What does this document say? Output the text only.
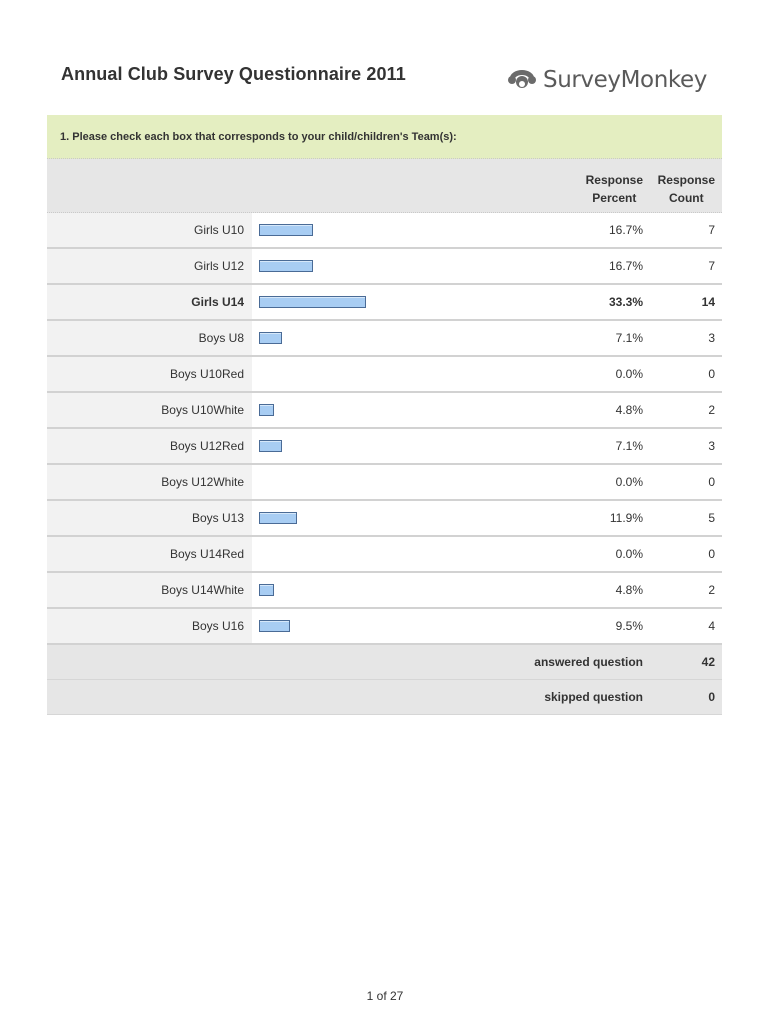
Annual Club Survey Questionnaire 2011	SurveyMonkey
1. Please check each box that corresponds to your child/children's Team(s):
Response
Percent
Response
Count
Girls U10	16.7%	7
Girls U12	16.7%	7
Girls U14	33.3%	14
Boys U8	7.1%	3
Boys U10Red	0.0%	0
Boys U10White	4.8%	2
Boys U12Red	7.1%	3
Boys U12White	0.0%	0
Boys U13	11.9%	5
Boys U14Red	0.0%	0
Boys U14White	4.8%	2
Boys U16	9.5%	4
answered question	42
skipped question	0
1 of 27
